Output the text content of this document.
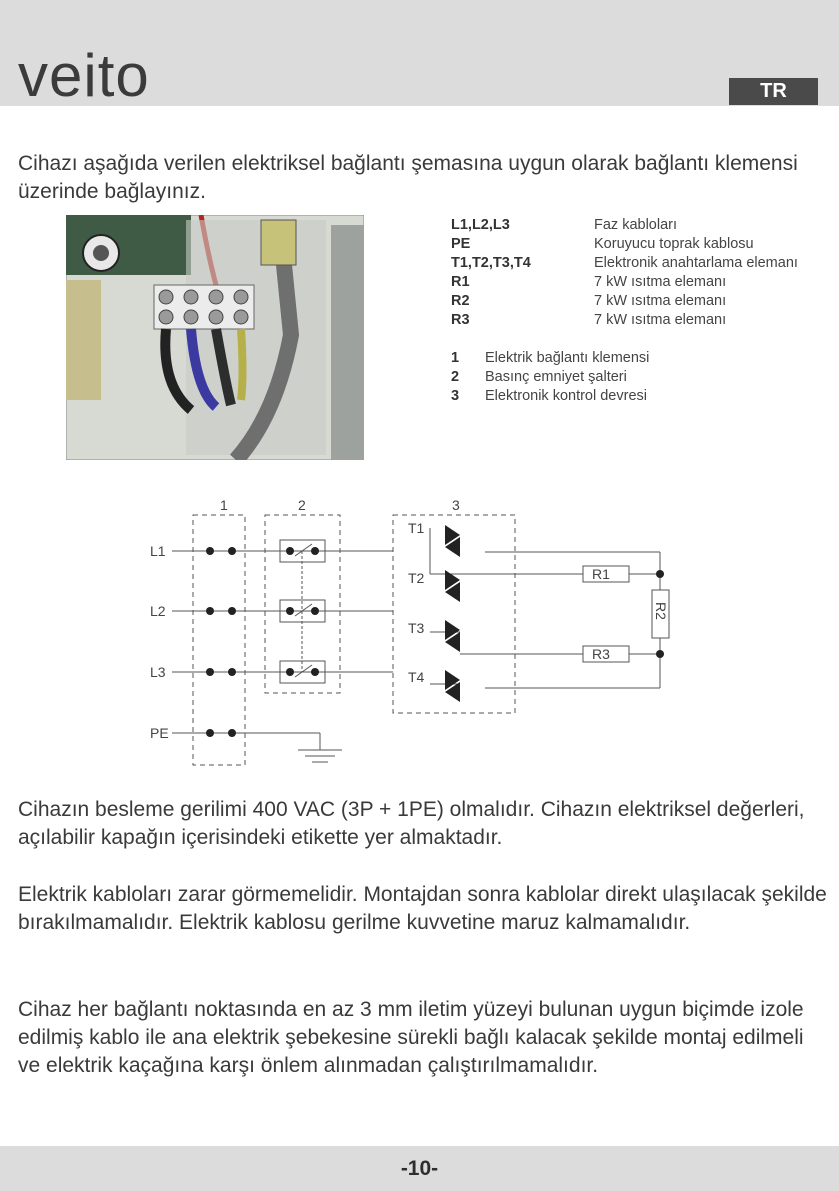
veito	TR

Cihazı aşağıda verilen elektriksel bağlantı şemasına uygun olarak bağlantı klemensi üzerinde bağlayınız.

L1,L2,L3	Faz kabloları
PE	Koruyucu toprak kablosu
T1,T2,T3,T4	Elektronik anahtarlama elemanı
R1	7 kW ısıtma elemanı
R2	7 kW ısıtma elemanı
R3	7 kW ısıtma elemanı
1	Elektrik bağlantı klemensi
2	Basınç emniyet şalteri
3	Elektronik kontrol devresi
1	2	3
L1
L2
L3
PE
T1
T2
T3
T4
R1
R3
R2

Cihazın besleme gerilimi 400 VAC (3P + 1PE) olmalıdır. Cihazın elektriksel değerleri, açılabilir kapağın içerisindeki etikette yer almaktadır.

Elektrik kabloları zarar görmemelidir. Montajdan sonra kablolar direkt ulaşılacak şekilde bırakılmamalıdır. Elektrik kablosu gerilme kuvvetine maruz kalmamalıdır.

Cihaz her bağlantı noktasında en az 3 mm iletim yüzeyi bulunan uygun biçimde izole edilmiş kablo ile ana elektrik şebekesine sürekli bağlı kalacak şekilde montaj edilmeli ve elektrik kaçağına karşı önlem alınmadan çalıştırılmamalıdır.

-10-
